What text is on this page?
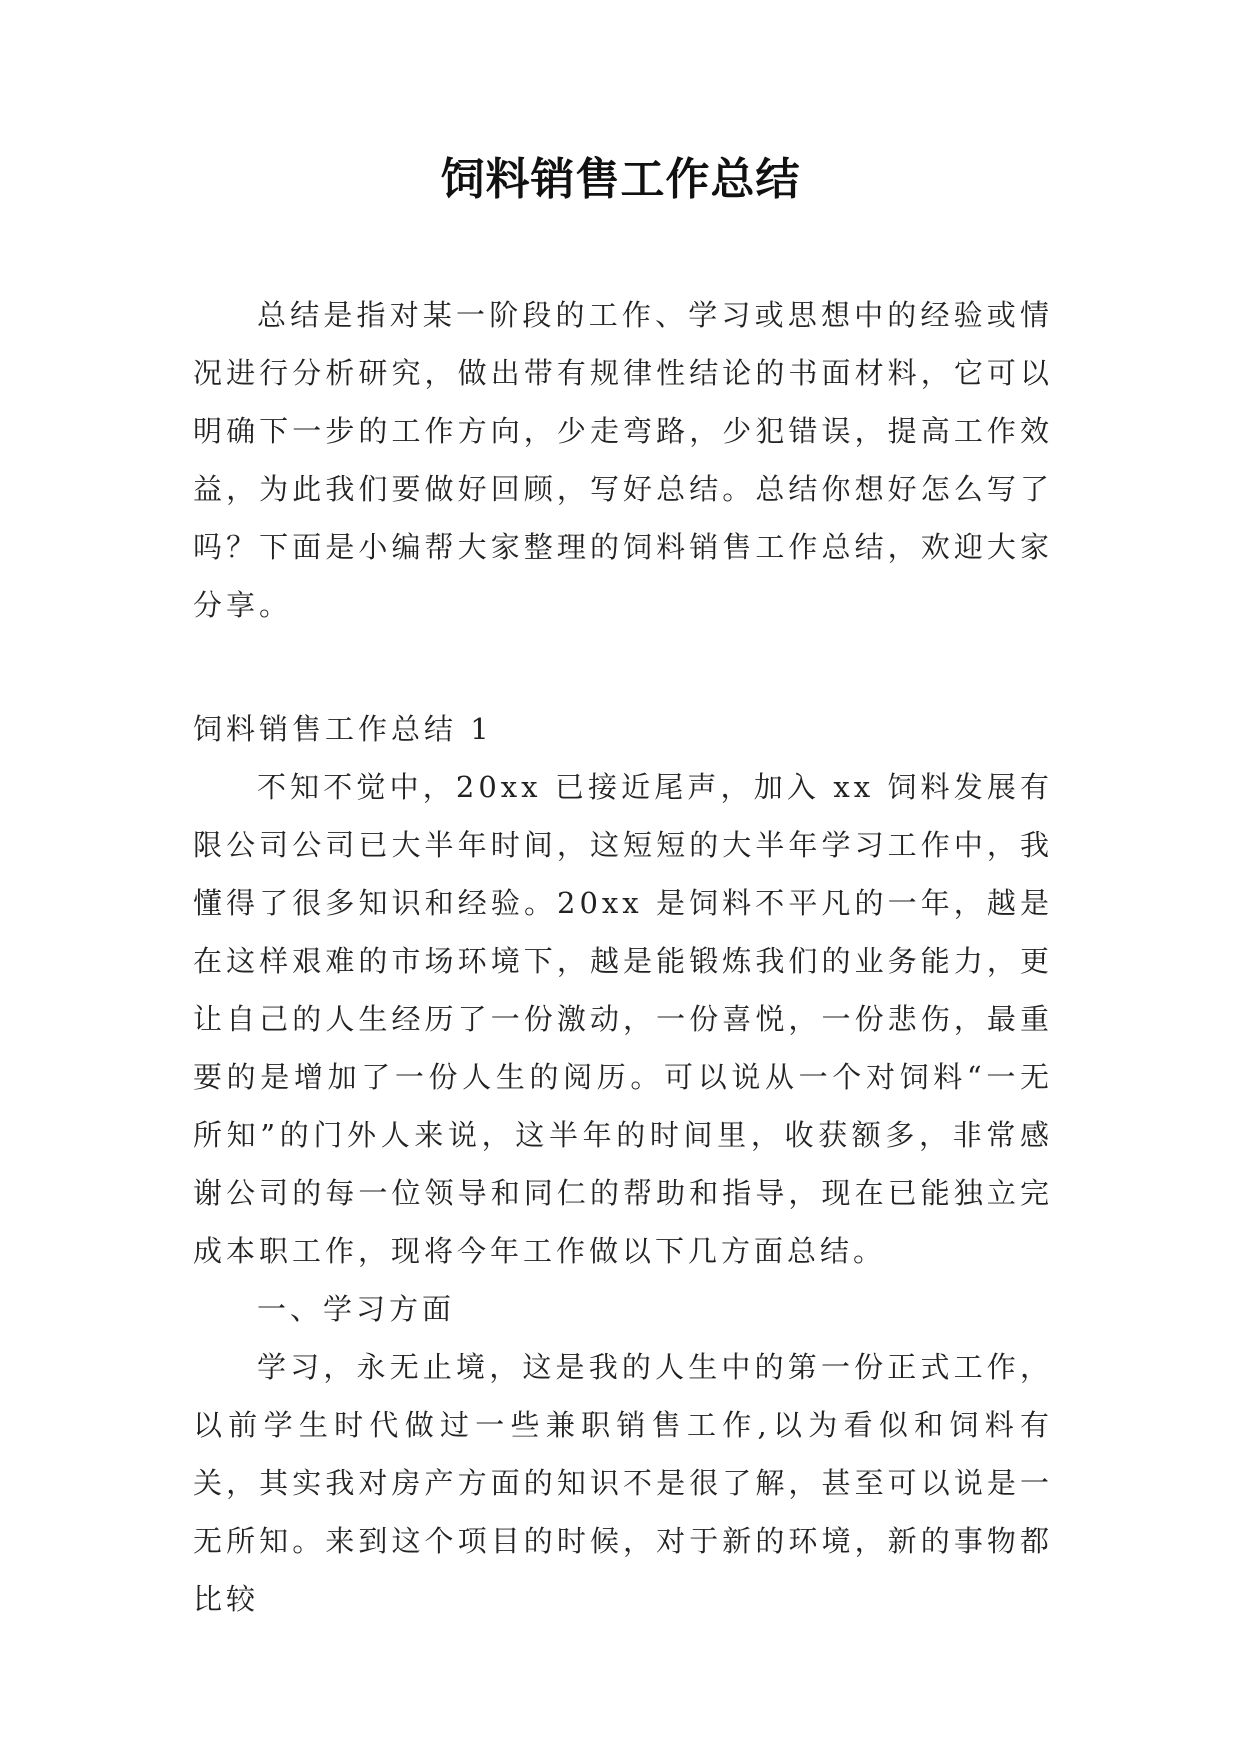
饲料销售工作总结

总结是指对某一阶段的工作、学习或思想中的经验或情况进行分析研究，做出带有规律性结论的书面材料，它可以明确下一步的工作方向，少走弯路，少犯错误，提高工作效益，为此我们要做好回顾，写好总结。总结你想好怎么写了吗？下面是小编帮大家整理的饲料销售工作总结，欢迎大家分享。

饲料销售工作总结 1

不知不觉中，20xx 已接近尾声，加入 xx 饲料发展有限公司公司已大半年时间，这短短的大半年学习工作中，我懂得了很多知识和经验。20xx 是饲料不平凡的一年，越是在这样艰难的市场环境下，越是能锻炼我们的业务能力，更让自己的人生经历了一份激动，一份喜悦，一份悲伤，最重要的是增加了一份人生的阅历。可以说从一个对饲料“一无所知”的门外人来说，这半年的时间里，收获额多，非常感谢公司的每一位领导和同仁的帮助和指导，现在已能独立完成本职工作，现将今年工作做以下几方面总结。

一、学习方面

学习，永无止境，这是我的人生中的第一份正式工作，以前学生时代做过一些兼职销售工作,以为看似和饲料有关，其实我对房产方面的知识不是很了解，甚至可以说是一无所知。来到这个项目的时候，对于新的环境，新的事物都比较
